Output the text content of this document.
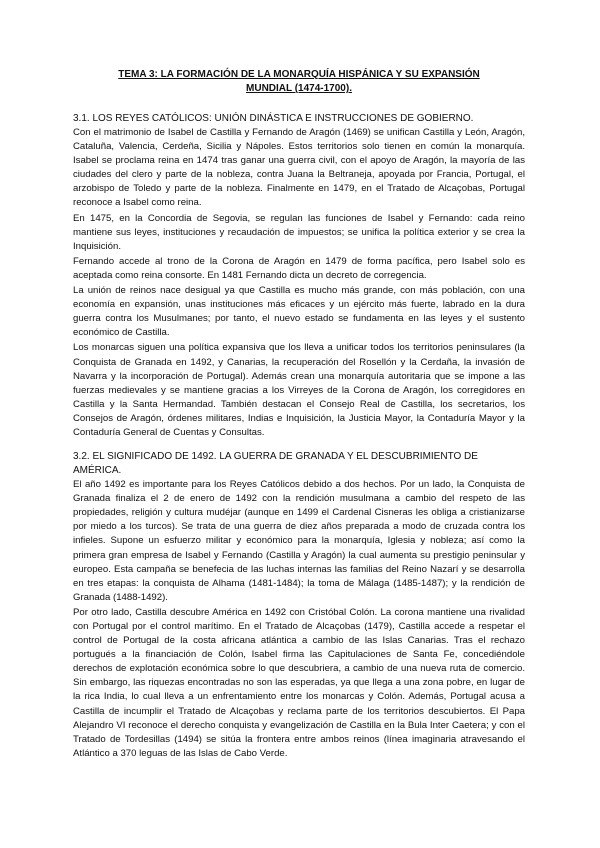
TEMA 3: LA FORMACIÓN DE LA MONARQUÍA HISPÁNICA Y SU EXPANSIÓN MUNDIAL (1474-1700).
3.1. LOS REYES CATÓLICOS: UNIÓN DINÁSTICA E INSTRUCCIONES DE GOBIERNO.

Con el matrimonio de Isabel de Castilla y Fernando de Aragón (1469) se unifican Castilla y León, Aragón, Cataluña, Valencia, Cerdeña, Sicilia y Nápoles. Estos territorios solo tienen en común la monarquía. Isabel se proclama reina en 1474 tras ganar una guerra civil, con el apoyo de Aragón, la mayoría de las ciudades del clero y parte de la nobleza, contra Juana la Beltraneja, apoyada por Francia, Portugal, el arzobispo de Toledo y parte de la nobleza. Finalmente en 1479, en el Tratado de Alcaçobas, Portugal reconoce a Isabel como reina.

En 1475, en la Concordia de Segovia, se regulan las funciones de Isabel y Fernando: cada reino mantiene sus leyes, instituciones y recaudación de impuestos; se unifica la política exterior y se crea la Inquisición.

Fernando accede al trono de la Corona de Aragón en 1479 de forma pacífica, pero Isabel solo es aceptada como reina consorte. En 1481 Fernando dicta un decreto de corregencia.

La unión de reinos nace desigual ya que Castilla es mucho más grande, con más población, con una economía en expansión, unas instituciones más eficaces y un ejército más fuerte, labrado en la dura guerra contra los Musulmanes; por tanto, el nuevo estado se fundamenta en las leyes y el sustento económico de Castilla.

Los monarcas siguen una política expansiva que los lleva a unificar todos los territorios peninsulares (la Conquista de Granada en 1492, y Canarias, la recuperación del Rosellón y la Cerdaña, la invasión de Navarra y la incorporación de Portugal). Además crean una monarquía autoritaria que se impone a las fuerzas medievales y se mantiene gracias a los Virreyes de la Corona de Aragón, los corregidores en Castilla y la Santa Hermandad. También destacan el Consejo Real de Castilla, los secretarios, los Consejos de Aragón, órdenes militares, Indias e Inquisición, la Justicia Mayor, la Contaduría Mayor y la Contaduría General de Cuentas y Consultas.

3.2. EL SIGNIFICADO DE 1492. LA GUERRA DE GRANADA Y EL DESCUBRIMIENTO DE AMÉRICA.

El año 1492 es importante para los Reyes Católicos debido a dos hechos. Por un lado, la Conquista de Granada finaliza el 2 de enero de 1492 con la rendición musulmana a cambio del respeto de las propiedades, religión y cultura mudéjar (aunque en 1499 el Cardenal Cisneras les obliga a cristianizarse por miedo a los turcos). Se trata de una guerra de diez años preparada a modo de cruzada contra los infieles. Supone un esfuerzo militar y económico para la monarquía, Iglesia y nobleza; así como la primera gran empresa de Isabel y Fernando (Castilla y Aragón) la cual aumenta su prestigio peninsular y europeo. Esta campaña se benefecia de las luchas internas las familias del Reino Nazarí y se desarrolla en tres etapas: la conquista de Alhama (1481-1484); la toma de Málaga (1485-1487); y la rendición de Granada (1488-1492).

Por otro lado, Castilla descubre América en 1492 con Cristóbal Colón. La corona mantiene una rivalidad con Portugal por el control marítimo. En el Tratado de Alcaçobas (1479), Castilla accede a respetar el control de Portugal de la costa africana atlántica a cambio de las Islas Canarias. Tras el rechazo portugués a la financiación de Colón, Isabel firma las Capitulaciones de Santa Fe, concediéndole derechos de explotación económica sobre lo que descubriera, a cambio de una nueva ruta de comercio. Sin embargo, las riquezas encontradas no son las esperadas, ya que llega a una zona pobre, en lugar de la rica India, lo cual lleva a un enfrentamiento entre los monarcas y Colón. Además, Portugal acusa a Castilla de incumplir el Tratado de Alcaçobas y reclama parte de los territorios descubiertos. El Papa Alejandro VI reconoce el derecho conquista y evangelización de Castilla en la Bula Inter Caetera; y con el Tratado de Tordesillas (1494) se sitúa la frontera entre ambos reinos (línea imaginaria atravesando el Atlántico a 370 leguas de las Islas de Cabo Verde.
